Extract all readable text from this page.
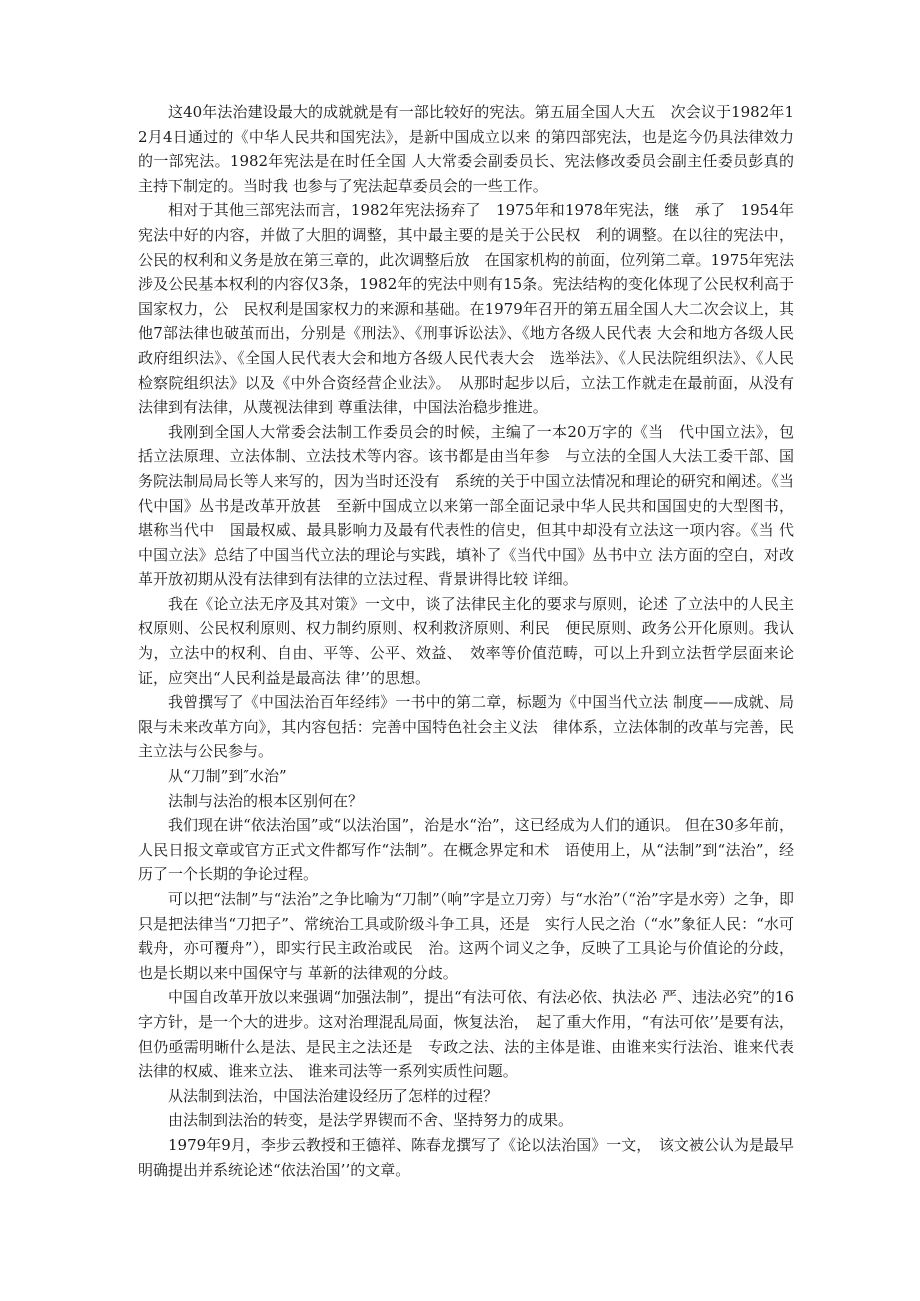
这40年法治建设最大的成就就是有一部比较好的宪法。第五届全国人大五　次会议于1982年12月4日通过的《中华人民共和国宪法》，是新中国成立以来 的第四部宪法，也是迄今仍具法律效力的一部宪法。1982年宪法是在时任全国 人大常委会副委员长、宪法修改委员会副主任委员彭真的主持下制定的。当时我 也参与了宪法起草委员会的一些工作。

相对于其他三部宪法而言，1982年宪法扬弃了　1975年和1978年宪法，继　承了　1954年宪法中好的内容，并做了大胆的调整，其中最主要的是关于公民权　利的调整。在以往的宪法中，公民的权利和义务是放在第三章的，此次调整后放　在国家机构的前面，位列第二章。1975年宪法涉及公民基本权利的内容仅3条，1982年的宪法中则有15条。宪法结构的变化体现了公民权利高于国家权力，公　民权利是国家权力的来源和基础。在1979年召开的第五届全国人大二次会议上，其他7部法律也破茧而出，分别是《刑法》、《刑事诉讼法》、《地方各级人民代表 大会和地方各级人民政府组织法》、《全国人民代表大会和地方各级人民代表大会　选举法》、《人民法院组织法》、《人民检察院组织法》以及《中外合资经营企业法》。　从那时起步以后，立法工作就走在最前面，从没有法律到有法律，从蔑视法律到 尊重法律，中国法治稳步推进。

我刚到全国人大常委会法制工作委员会的时候，主编了一本20万字的《当　代中国立法》，包括立法原理、立法体制、立法技术等内容。该书都是由当年参　与立法的全国人大法工委干部、国务院法制局局长等人来写的，因为当时还没有　系统的关于中国立法情况和理论的研究和阐述。《当代中国》丛书是改革开放甚　至新中国成立以来第一部全面记录中华人民共和国国史的大型图书，堪称当代中　国最权威、最具影响力及最有代表性的信史，但其中却没有立法这一项内容。《当 代中国立法》总结了中国当代立法的理论与实践，填补了《当代中国》丛书中立 法方面的空白，对改革开放初期从没有法律到有法律的立法过程、背景讲得比较 详细。

我在《论立法无序及其对策》一文中，谈了法律民主化的要求与原则，论述 了立法中的人民主权原则、公民权利原则、权力制约原则、权利救济原则、利民　便民原则、政务公开化原则。我认为，立法中的权利、自由、平等、公平、效益、　效率等价值范畴，可以上升到立法哲学层面来论证，应突出“人民利益是最高法 律’’的思想。

我曾撰写了《中国法治百年经纬》一书中的第二章，标题为《中国当代立法 制度——成就、局限与未来改革方向》，其内容包括：完善中国特色社会主义法　律体系，立法体制的改革与完善，民主立法与公民参与。

从“刀制”到″水治”

法制与法治的根本区别何在？

我们现在讲“依法治国”或“以法治国”，治是水“治”，这已经成为人们的通识。 但在30多年前，人民日报文章或官方正式文件都写作“法制”。在概念界定和术　语使用上，从“法制”到“法治”，经历了一个长期的争论过程。

可以把“法制”与“法治”之争比喻为“刀制”（响”字是立刀旁）与“水治”（“治”字是水旁）之争，即只是把法律当“刀把子”、常统治工具或阶级斗争工具，还是　实行人民之治（“水”象征人民：“水可载舟，亦可覆舟”），即实行民主政治或民　治。这两个词义之争，反映了工具论与价值论的分歧，也是长期以来中国保守与 革新的法律观的分歧。

中国自改革开放以来强调“加强法制”，提出“有法可依、有法必依、执法必 严、违法必究”的16字方针，是一个大的进步。这对治理混乱局面，恢复法治，　起了重大作用，“有法可依’’是要有法，但仍亟需明晰什么是法、是民主之法还是　专政之法、法的主体是谁、由谁来实行法治、谁来代表法律的权威、谁来立法、 谁来司法等一系列实质性问题。

从法制到法治，中国法治建设经历了怎样的过程？

由法制到法治的转变，是法学界锲而不舍、坚持努力的成果。

1979年9月，李步云教授和王德祥、陈春龙撰写了《论以法治国》一文，　该文被公认为是最早明确提出并系统论述“依法治国’’的文章。
